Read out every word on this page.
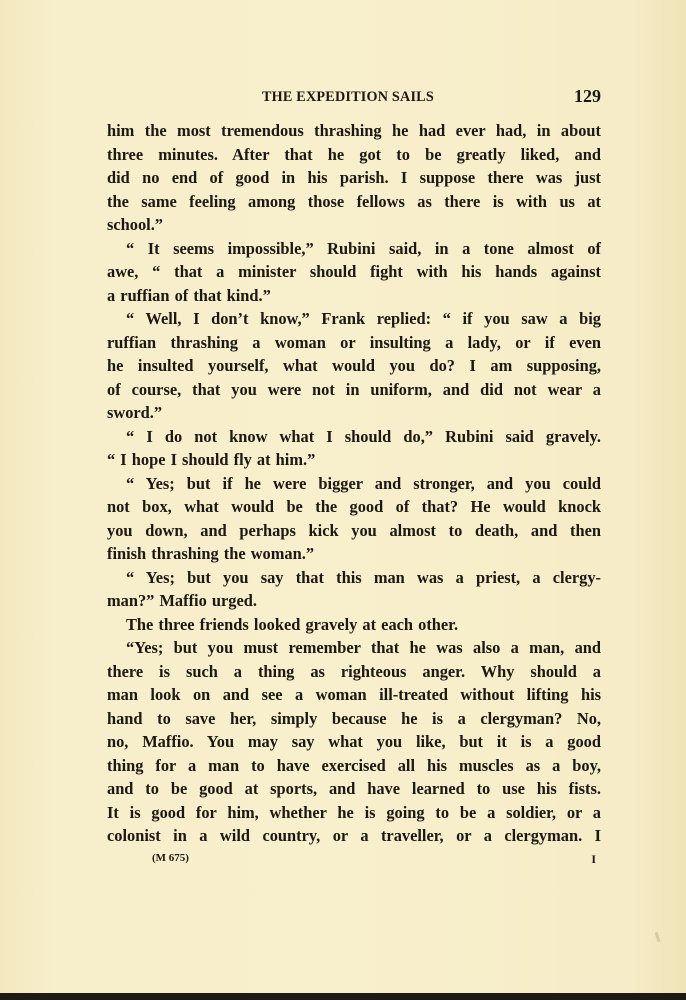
THE EXPEDITION SAILS	129
him the most tremendous thrashing he had ever had, in about
three minutes. After that he got to be greatly liked, and
did no end of good in his parish. I suppose there was just
the same feeling among those fellows as there is with us at
school.”
“ It seems impossible,” Rubini said, in a tone almost of
awe, “ that a minister should fight with his hands against
a ruffian of that kind.”
“ Well, I don’t know,” Frank replied: “ if you saw a big
ruffian thrashing a woman or insulting a lady, or if even
he insulted yourself, what would you do? I am supposing,
of course, that you were not in uniform, and did not wear a
sword.”
“ I do not know what I should do,” Rubini said gravely.
“ I hope I should fly at him.”
“ Yes; but if he were bigger and stronger, and you could
not box, what would be the good of that? He would knock
you down, and perhaps kick you almost to death, and then
finish thrashing the woman.”
“ Yes; but you say that this man was a priest, a clergy-
man?” Maffio urged.
The three friends looked gravely at each other.
“Yes; but you must remember that he was also a man, and
there is such a thing as righteous anger. Why should a
man look on and see a woman ill-treated without lifting his
hand to save her, simply because he is a clergyman? No,
no, Maffio. You may say what you like, but it is a good
thing for a man to have exercised all his muscles as a boy,
and to be good at sports, and have learned to use his fists.
It is good for him, whether he is going to be a soldier, or a
colonist in a wild country, or a traveller, or a clergyman. I
(M 675)	I
